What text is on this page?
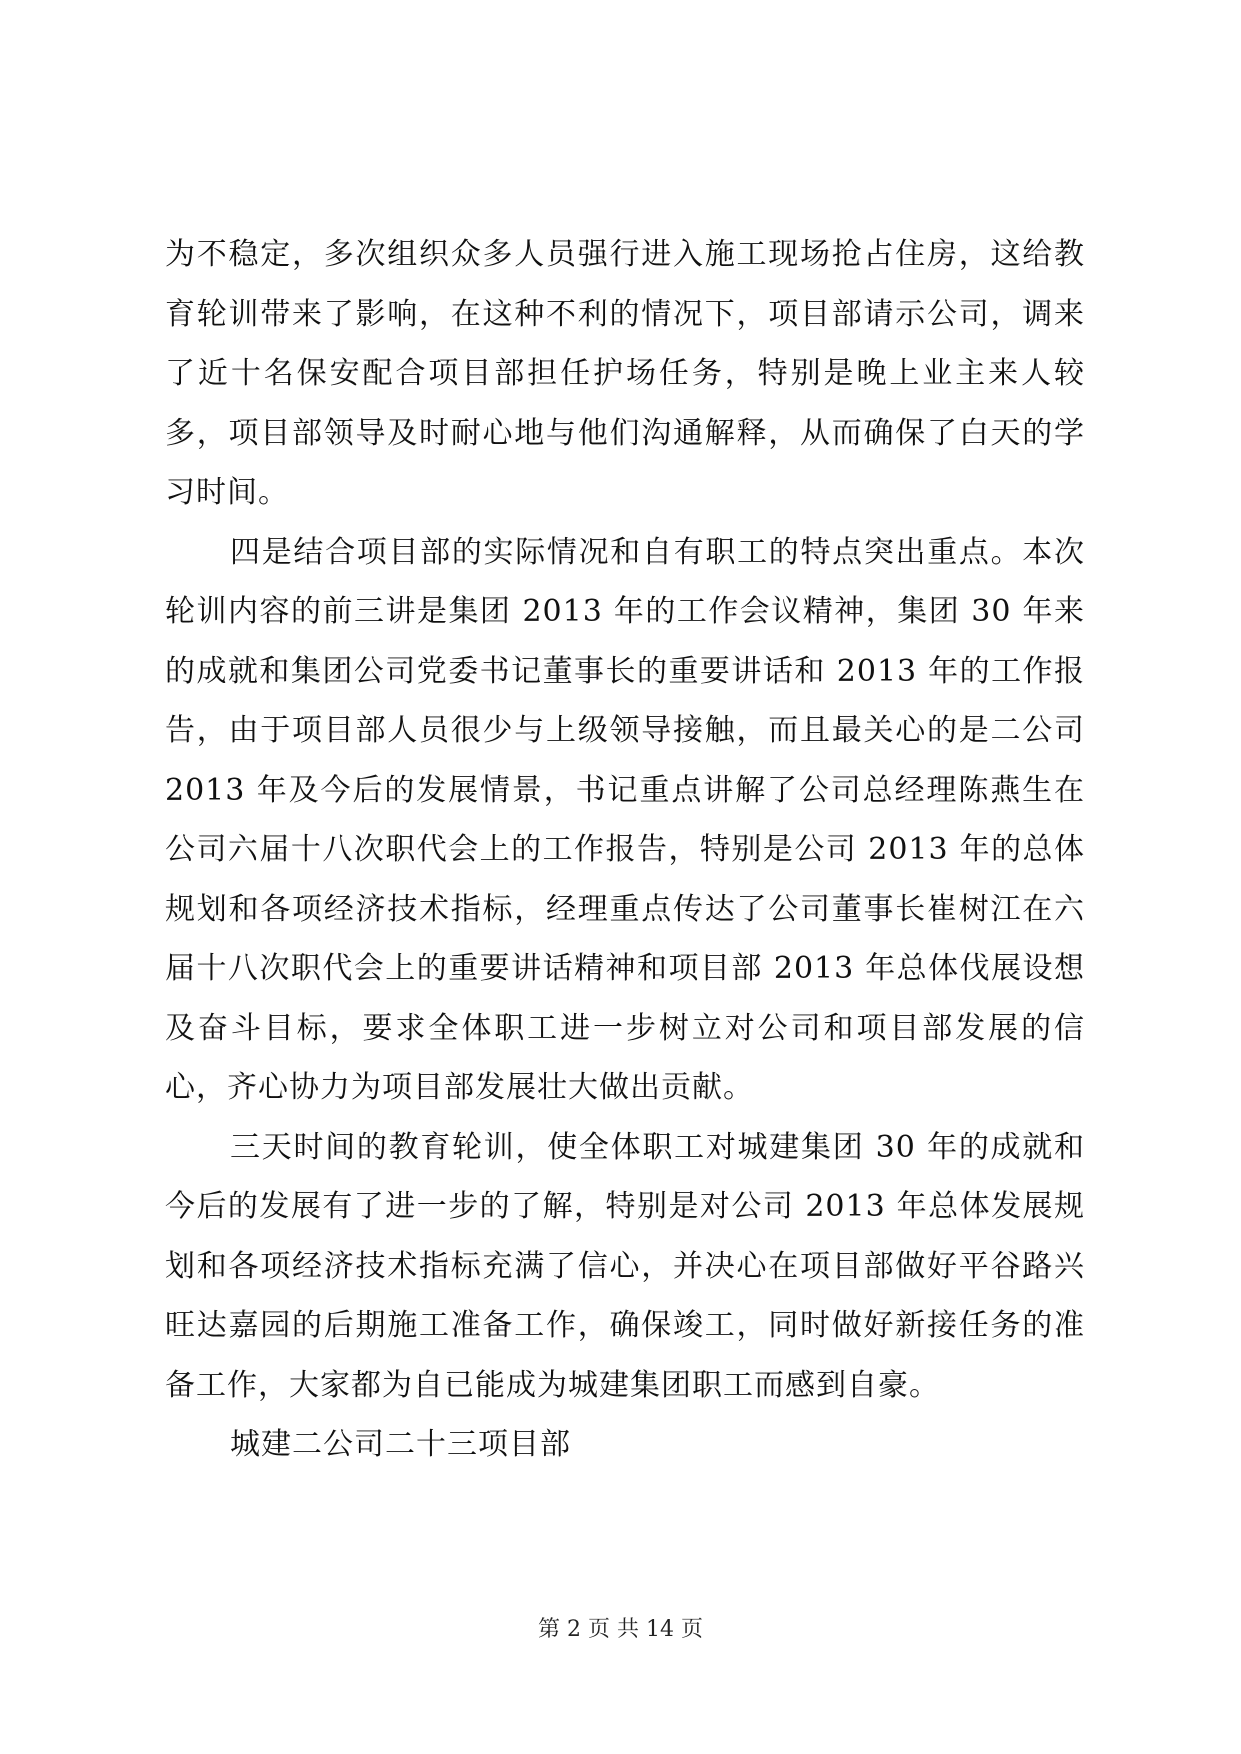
为不稳定，多次组织众多人员强行进入施工现场抢占住房，这给教育轮训带来了影响，在这种不利的情况下，项目部请示公司，调来了近十名保安配合项目部担任护场任务，特别是晚上业主来人较多，项目部领导及时耐心地与他们沟通解释，从而确保了白天的学习时间。

四是结合项目部的实际情况和自有职工的特点突出重点。本次轮训内容的前三讲是集团 2013 年的工作会议精神，集团 30 年来的成就和集团公司党委书记董事长的重要讲话和 2013 年的工作报告，由于项目部人员很少与上级领导接触，而且最关心的是二公司 2013 年及今后的发展情景，书记重点讲解了公司总经理陈燕生在公司六届十八次职代会上的工作报告，特别是公司 2013 年的总体规划和各项经济技术指标，经理重点传达了公司董事长崔树江在六届十八次职代会上的重要讲话精神和项目部 2013 年总体伐展设想及奋斗目标，要求全体职工进一步树立对公司和项目部发展的信心，齐心协力为项目部发展壮大做出贡献。

三天时间的教育轮训，使全体职工对城建集团 30 年的成就和今后的发展有了进一步的了解，特别是对公司 2013 年总体发展规划和各项经济技术指标充满了信心，并决心在项目部做好平谷路兴旺达嘉园的后期施工准备工作，确保竣工，同时做好新接任务的准备工作，大家都为自已能成为城建集团职工而感到自豪。

城建二公司二十三项目部

第 2 页 共 14 页
